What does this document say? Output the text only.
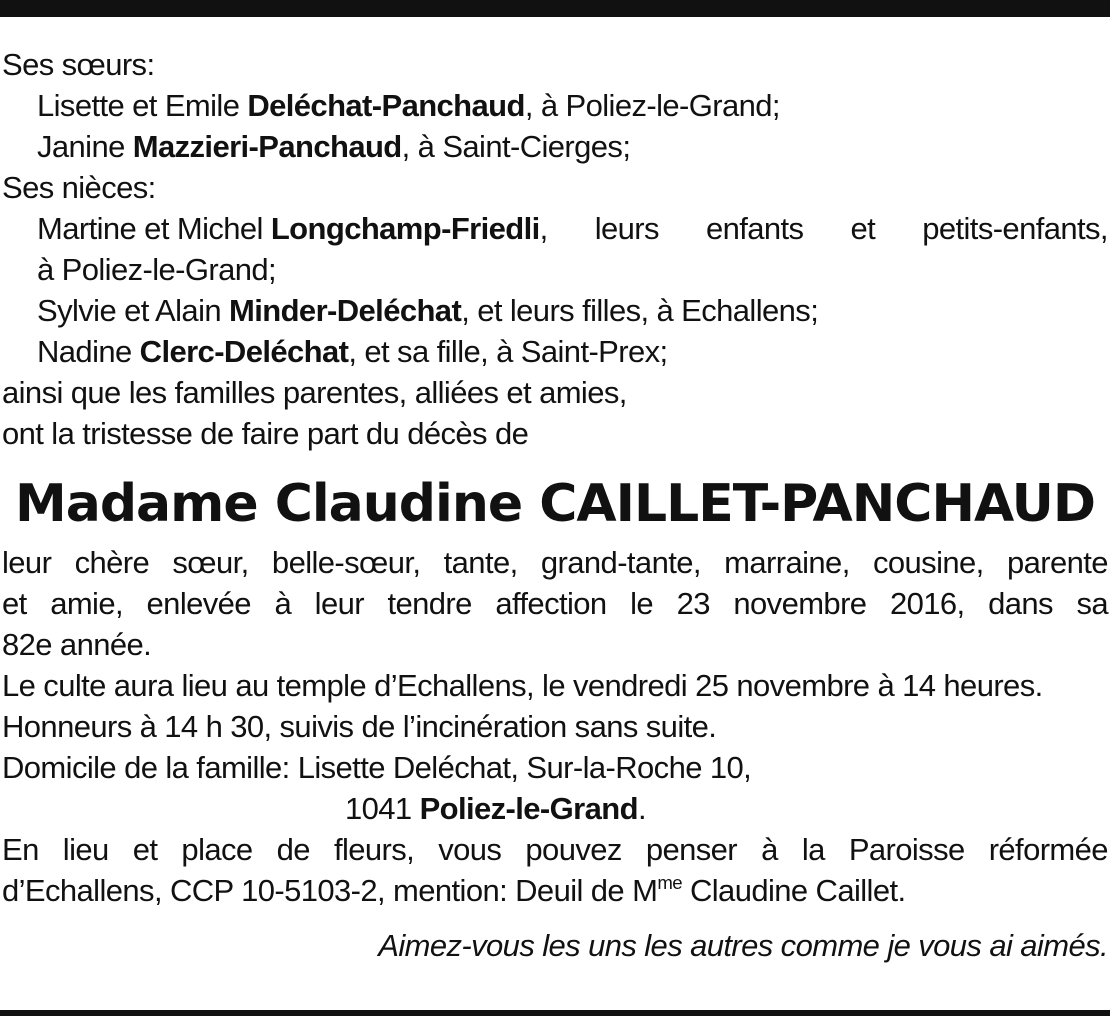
Ses sœurs:
Lisette et Emile Deléchat-Panchaud, à Poliez-le-Grand;
Janine Mazzieri-Panchaud, à Saint-Cierges;
Ses nièces:
Martine et Michel Longchamp-Friedli, leurs enfants et petits-enfants,
à Poliez-le-Grand;
Sylvie et Alain Minder-Deléchat, et leurs filles, à Echallens;
Nadine Clerc-Deléchat, et sa fille, à Saint-Prex;
ainsi que les familles parentes, alliées et amies,
ont la tristesse de faire part du décès de
Madame Claudine CAILLET-PANCHAUD
leur chère sœur, belle-sœur, tante, grand-tante, marraine, cousine, parente
et amie, enlevée à leur tendre affection le 23 novembre 2016, dans sa
82e année.
Le culte aura lieu au temple d’Echallens, le vendredi 25 novembre à 14 heures.
Honneurs à 14 h 30, suivis de l’incinération sans suite.
Domicile de la famille: Lisette Deléchat, Sur-la-Roche 10,
1041 Poliez-le-Grand.
En lieu et place de fleurs, vous pouvez penser à la Paroisse réformée
d’Echallens, CCP 10-5103-2, mention: Deuil de $M^{me}$ Claudine Caillet.
Aimez-vous les uns les autres comme je vous ai aimés.
